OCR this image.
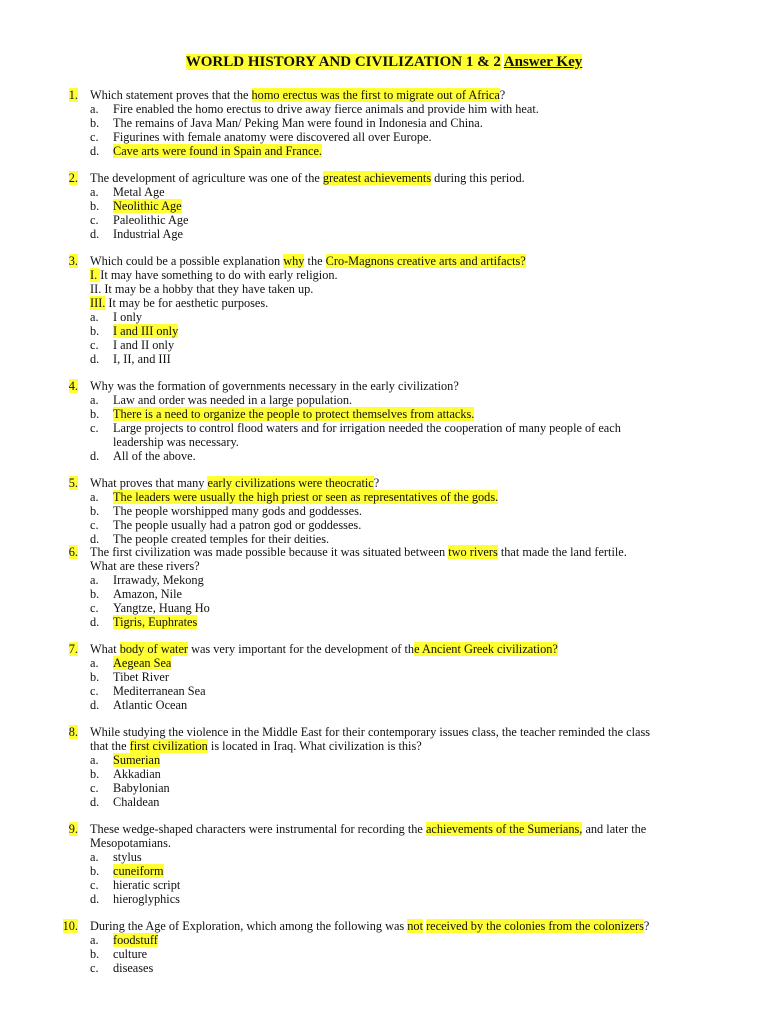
WORLD HISTORY AND CIVILIZATION 1 & 2 Answer Key
1. Which statement proves that the homo erectus was the first to migrate out of Africa?
a. Fire enabled the homo erectus to drive away fierce animals and provide him with heat.
b. The remains of Java Man/ Peking Man were found in Indonesia and China.
c. Figurines with female anatomy were discovered all over Europe.
d. Cave arts were found in Spain and France.
2. The development of agriculture was one of the greatest achievements during this period.
a. Metal Age
b. Neolithic Age
c. Paleolithic Age
d. Industrial Age
3. Which could be a possible explanation why the Cro-Magnons creative arts and artifacts?
I. It may have something to do with early religion.
II. It may be a hobby that they have taken up.
III. It may be for aesthetic purposes.
a. I only
b. I and III only
c. I and II only
d. I, II, and III
4. Why was the formation of governments necessary in the early civilization?
a. Law and order was needed in a large population.
b. There is a need to organize the people to protect themselves from attacks.
c. Large projects to control flood waters and for irrigation needed the cooperation of many people of each
leadership was necessary.
d. All of the above.
5. What proves that many early civilizations were theocratic?
a. The leaders were usually the high priest or seen as representatives of the gods.
b. The people worshipped many gods and goddesses.
c. The people usually had a patron god or goddesses.
d. The people created temples for their deities.
6. The first civilization was made possible because it was situated between two rivers that made the land fertile.
What are these rivers?
a. Irrawady, Mekong
b. Amazon, Nile
c. Yangtze, Huang Ho
d. Tigris, Euphrates
7. What body of water was very important for the development of the Ancient Greek civilization?
a. Aegean Sea
b. Tibet River
c. Mediterranean Sea
d. Atlantic Ocean
8. While studying the violence in the Middle East for their contemporary issues class, the teacher reminded the class
that the first civilization is located in Iraq. What civilization is this?
a. Sumerian
b. Akkadian
c. Babylonian
d. Chaldean
9. These wedge-shaped characters were instrumental for recording the achievements of the Sumerians, and later the
Mesopotamians.
a. stylus
b. cuneiform
c. hieratic script
d. hieroglyphics
10. During the Age of Exploration, which among the following was not received by the colonies from the colonizers?
a. foodstuff
b. culture
c. diseases
